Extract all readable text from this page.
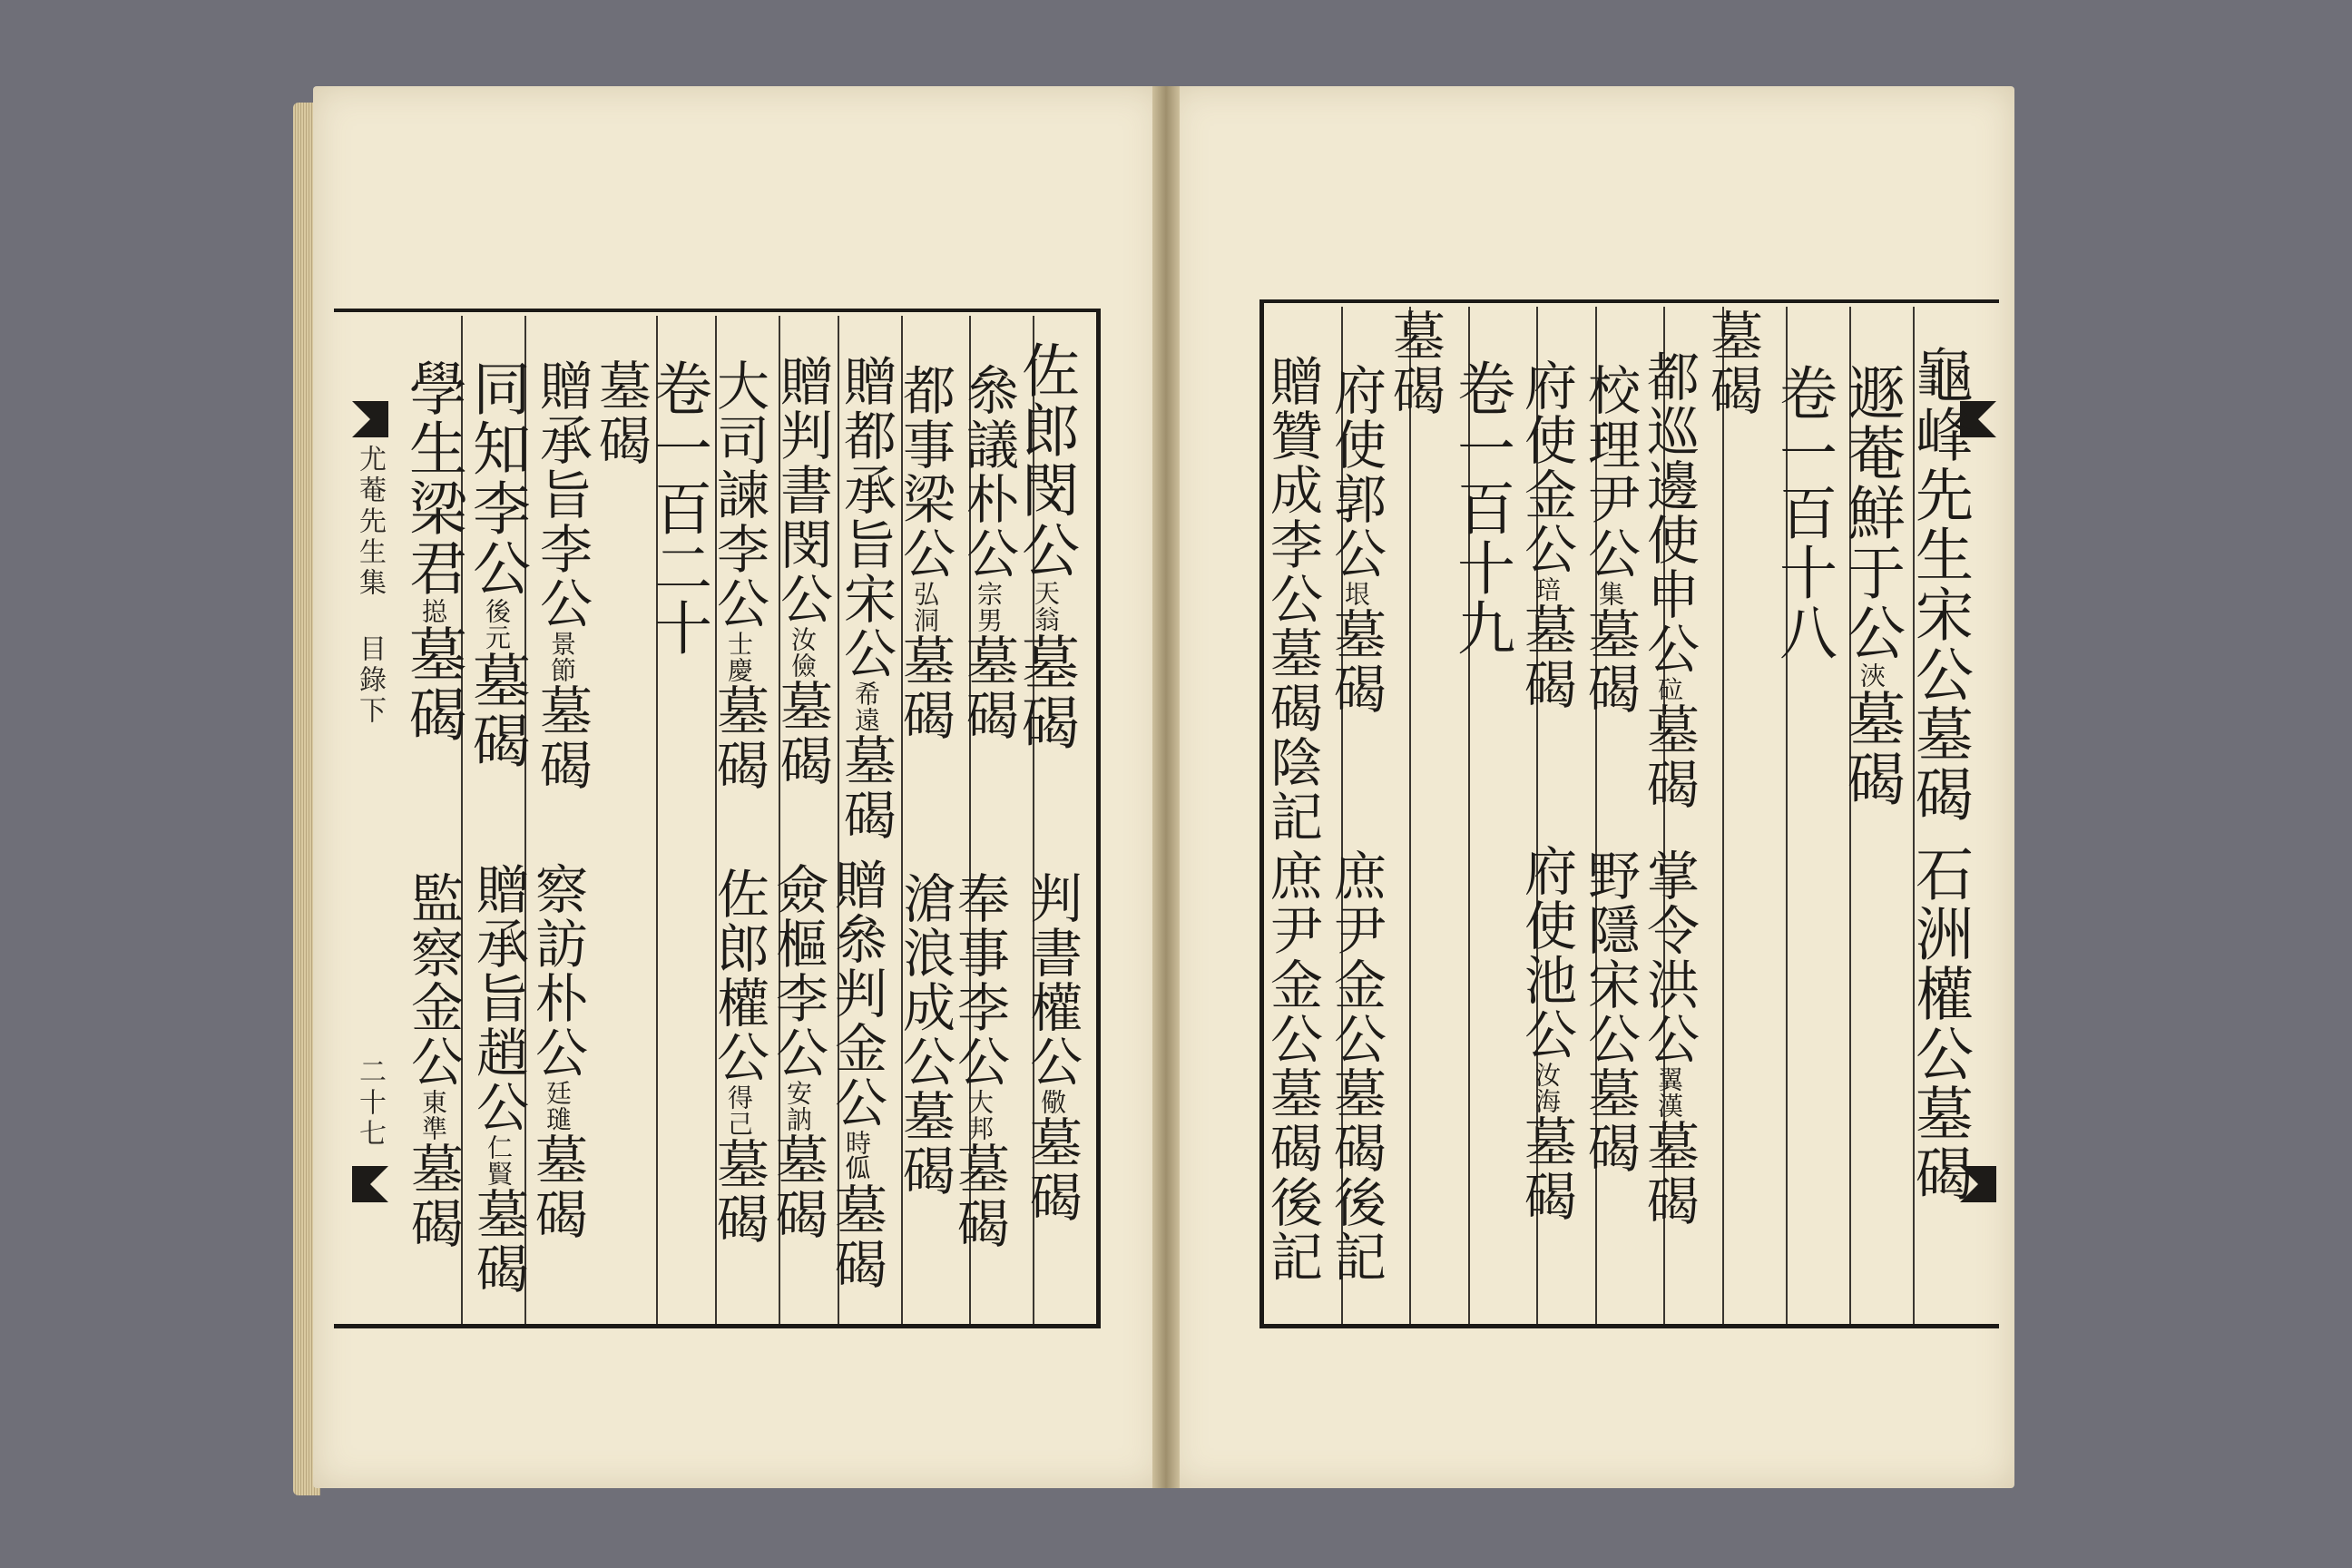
尤菴先生集 目錄下
二十七
佐郎閔公天翁墓碣
判書權公儆墓碣
叅議朴公宗男墓碣
奉事李公大邦墓碣
都事梁公弘洞墓碣
滄浪成公墓碣
贈都承旨宋公希遠墓碣
贈叅判金公時𠇗墓碣
贈判書閔公汝儉墓碣
僉樞李公安訥墓碣
大司諫李公士慶墓碣
佐郎權公得己墓碣
卷一百二十
墓碣
贈承旨李公景節墓碣
察訪朴公廷璡墓碣
同知李公後元墓碣
贈承旨趙公仁賢墓碣
學生梁君搃墓碣
監察金公東準墓碣
龜峰先生宋公墓碣
石洲權公墓碣
遯菴鮮于公浹墓碣
卷一百十八
墓碣
都巡邊使申公砬墓碣
掌令洪公翼漢墓碣
校理尹公集墓碣
野隱宋公墓碣
府使金公琣墓碣
府使池公汝海墓碣
卷一百十九
墓碣
府使郭公垠墓碣
庶尹金公墓碣後記
贈贊成李公墓碣陰記
庶尹金公墓碣後記
